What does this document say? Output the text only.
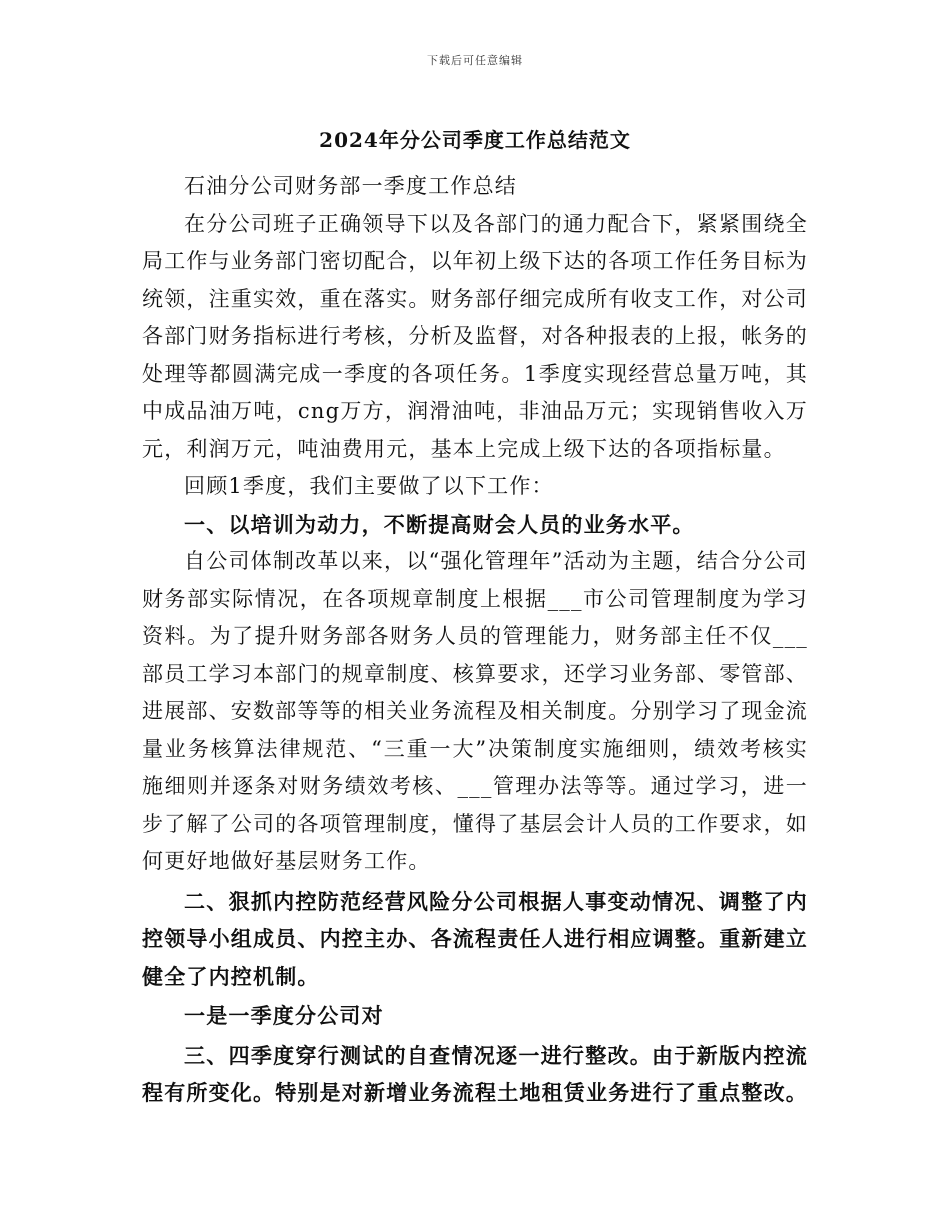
下载后可任意编辑
2024年分公司季度工作总结范文

石油分公司财务部一季度工作总结

在分公司班子正确领导下以及各部门的通力配合下，紧紧围绕全局工作与业务部门密切配合，以年初上级下达的各项工作任务目标为统领，注重实效，重在落实。财务部仔细完成所有收支工作，对公司各部门财务指标进行考核，分析及监督，对各种报表的上报，帐务的处理等都圆满完成一季度的各项任务。1季度实现经营总量万吨，其中成品油万吨，cng万方，润滑油吨，非油品万元；实现销售收入万元，利润万元，吨油费用元，基本上完成上级下达的各项指标量。

回顾1季度，我们主要做了以下工作：

一、以培训为动力，不断提高财会人员的业务水平。

自公司体制改革以来，以“强化管理年”活动为主题，结合分公司财务部实际情况，在各项规章制度上根据___市公司管理制度为学习资料。为了提升财务部各财务人员的管理能力，财务部主任不仅___部员工学习本部门的规章制度、核算要求，还学习业务部、零管部、进展部、安数部等等的相关业务流程及相关制度。分别学习了现金流量业务核算法律规范、“三重一大”决策制度实施细则，绩效考核实施细则并逐条对财务绩效考核、___管理办法等等。通过学习，进一步了解了公司的各项管理制度，懂得了基层会计人员的工作要求，如何更好地做好基层财务工作。

二、狠抓内控防范经营风险分公司根据人事变动情况、调整了内控领导小组成员、内控主办、各流程责任人进行相应调整。重新建立健全了内控机制。

一是一季度分公司对

三、四季度穿行测试的自查情况逐一进行整改。由于新版内控流程有所变化。特别是对新增业务流程土地租赁业务进行了重点整改。
